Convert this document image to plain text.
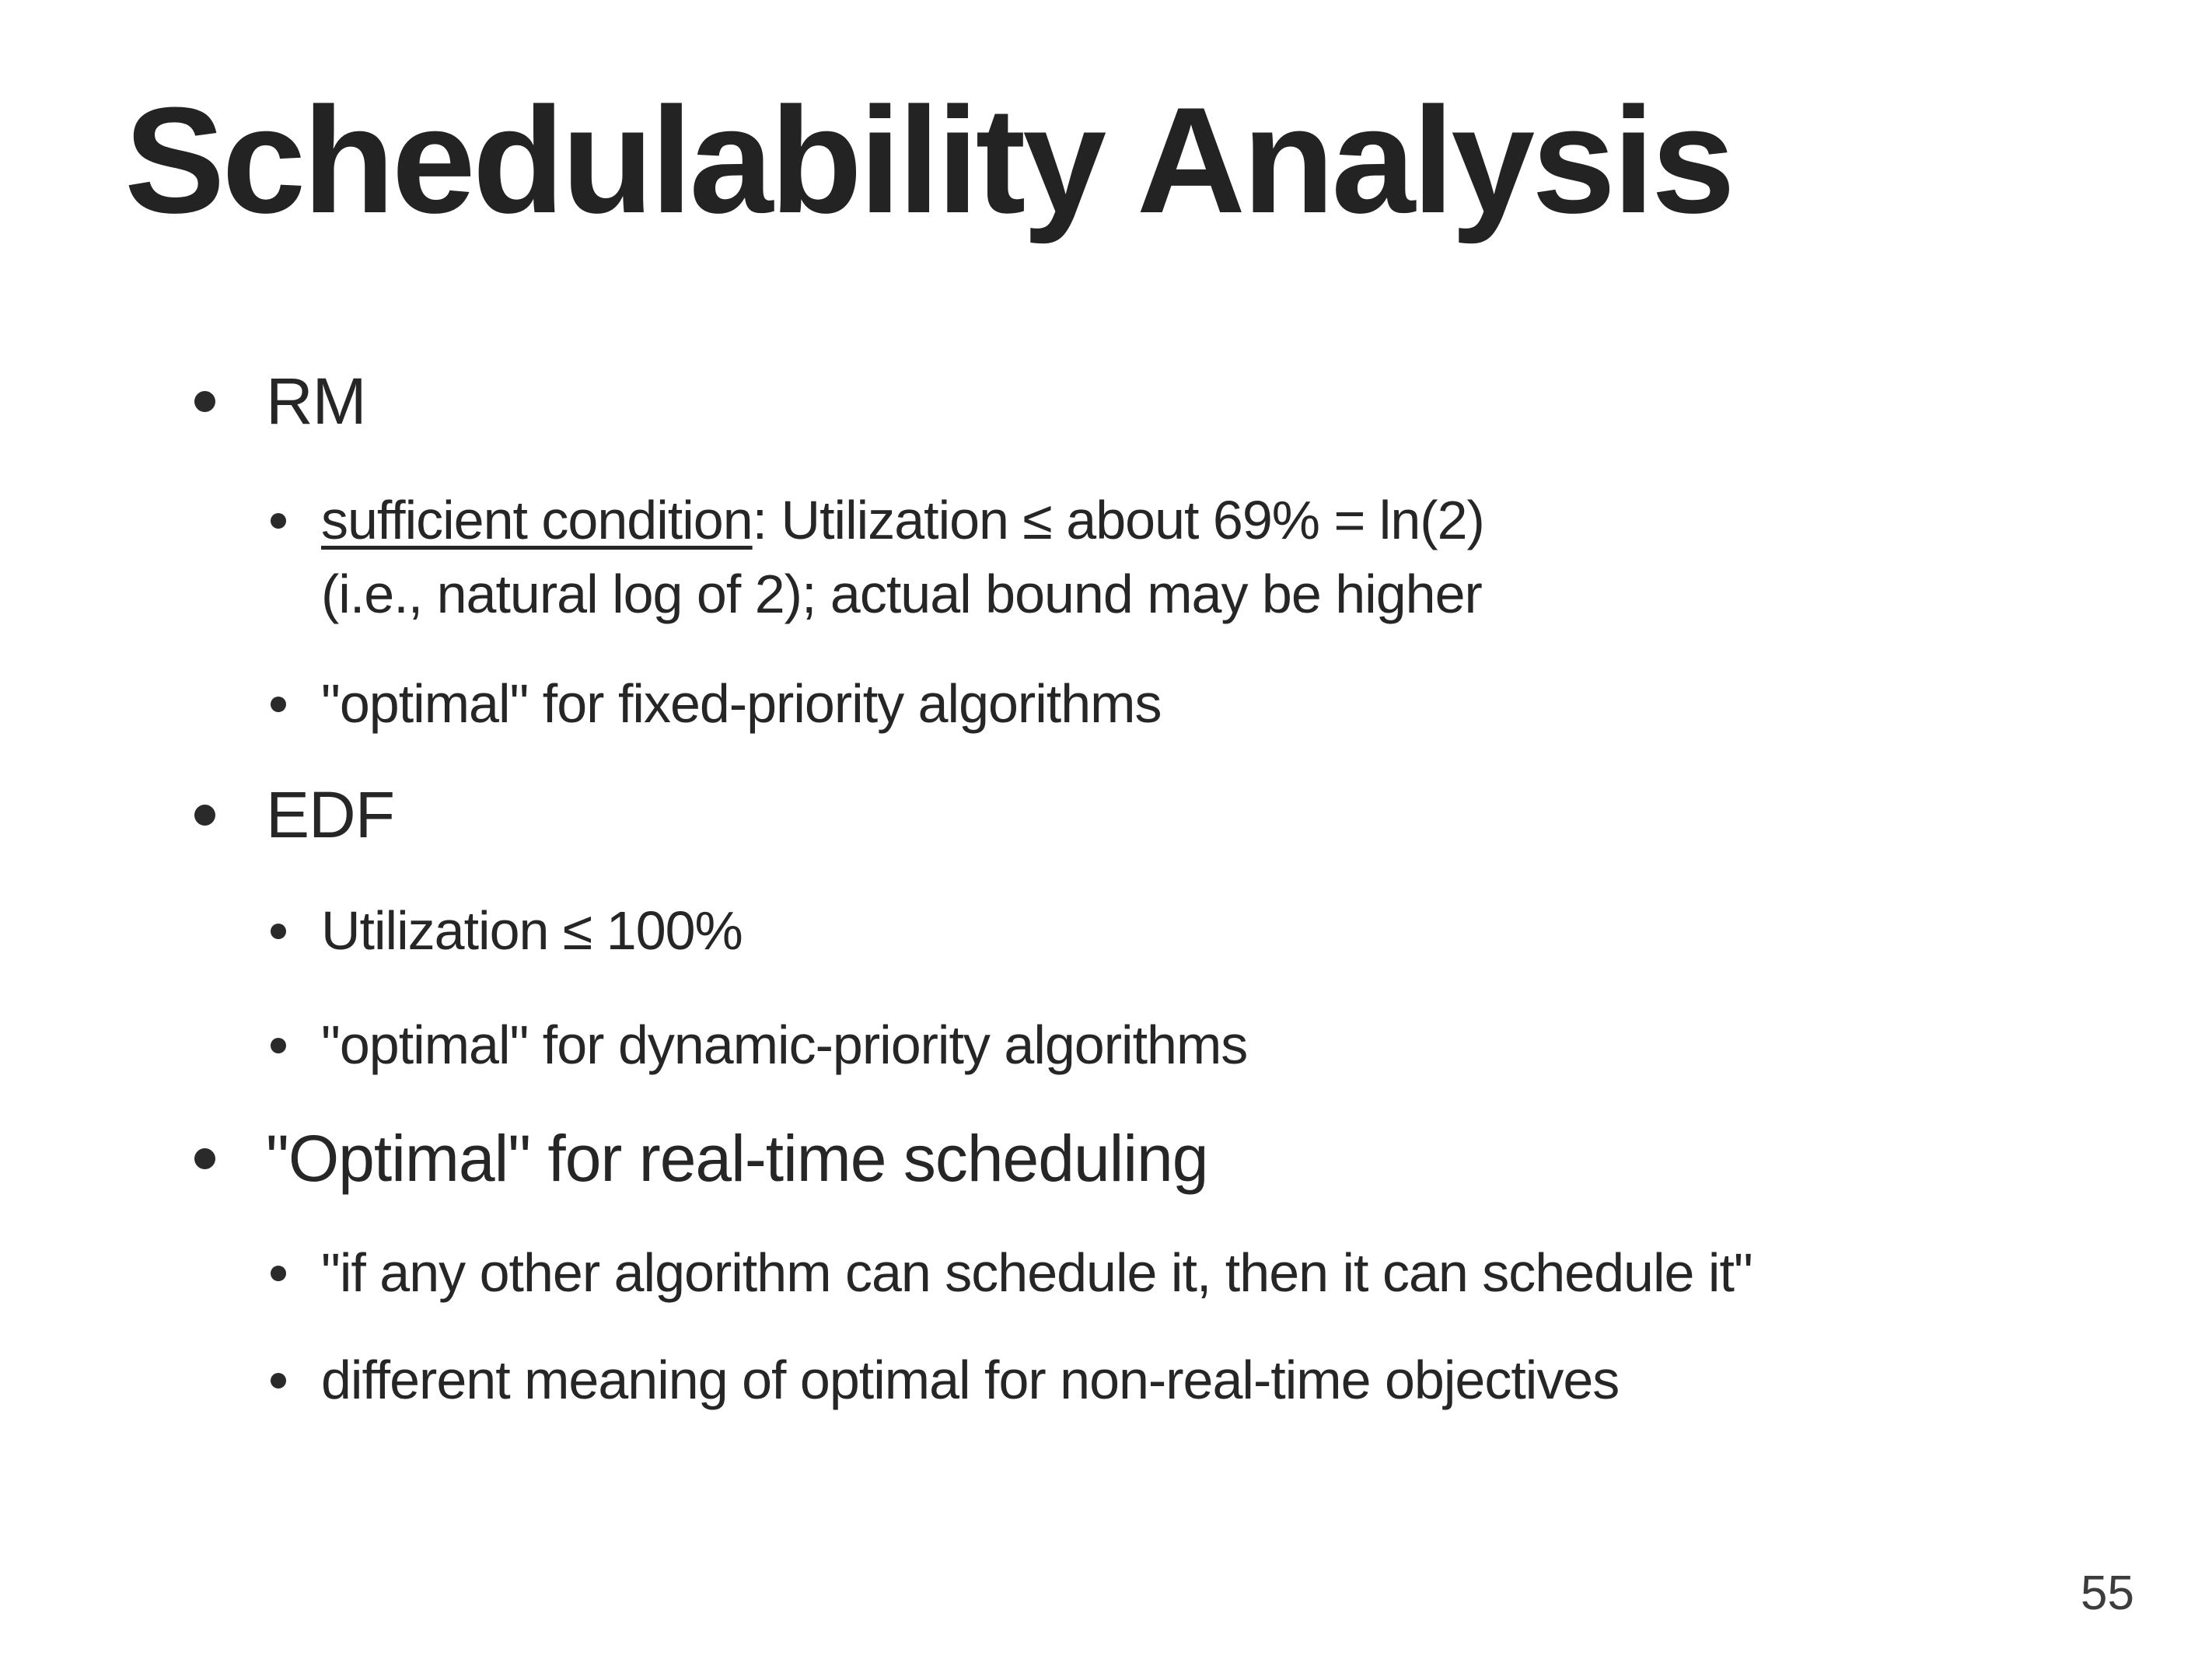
Schedulability Analysis
RM
sufficient condition: Utilization ≤ about 69% = ln(2)
(i.e., natural log of 2); actual bound may be higher
"optimal" for fixed-priority algorithms
EDF
Utilization ≤ 100%
"optimal" for dynamic-priority algorithms
"Optimal" for real-time scheduling
"if any other algorithm can schedule it, then it can schedule it"
different meaning of optimal for non-real-time objectives
55
